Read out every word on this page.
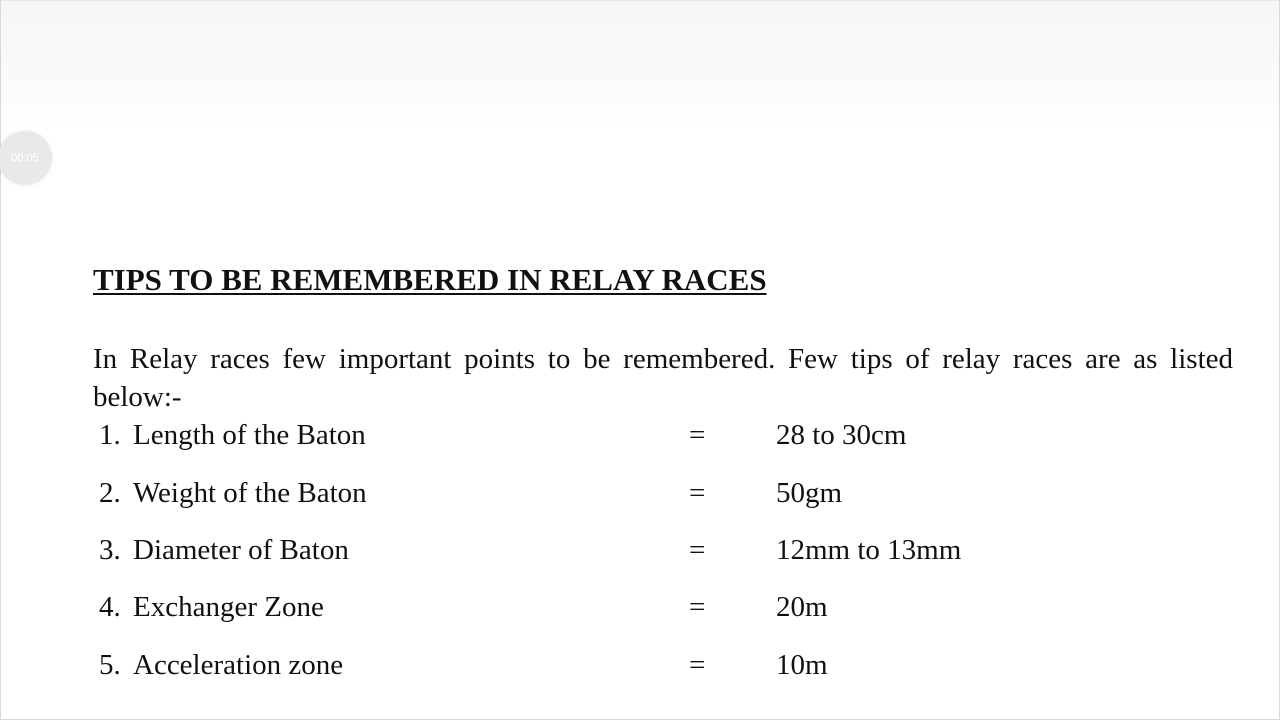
00:05
TIPS TO BE REMEMBERED IN RELAY RACES

In Relay races few important points to be remembered. Few tips of relay races are as listed below:-

1. Length of the Baton	= 28 to 30cm
2. Weight of the Baton	= 50gm
3. Diameter of Baton	= 12mm to 13mm
4. Exchanger Zone	= 20m
5. Acceleration zone	= 10m
